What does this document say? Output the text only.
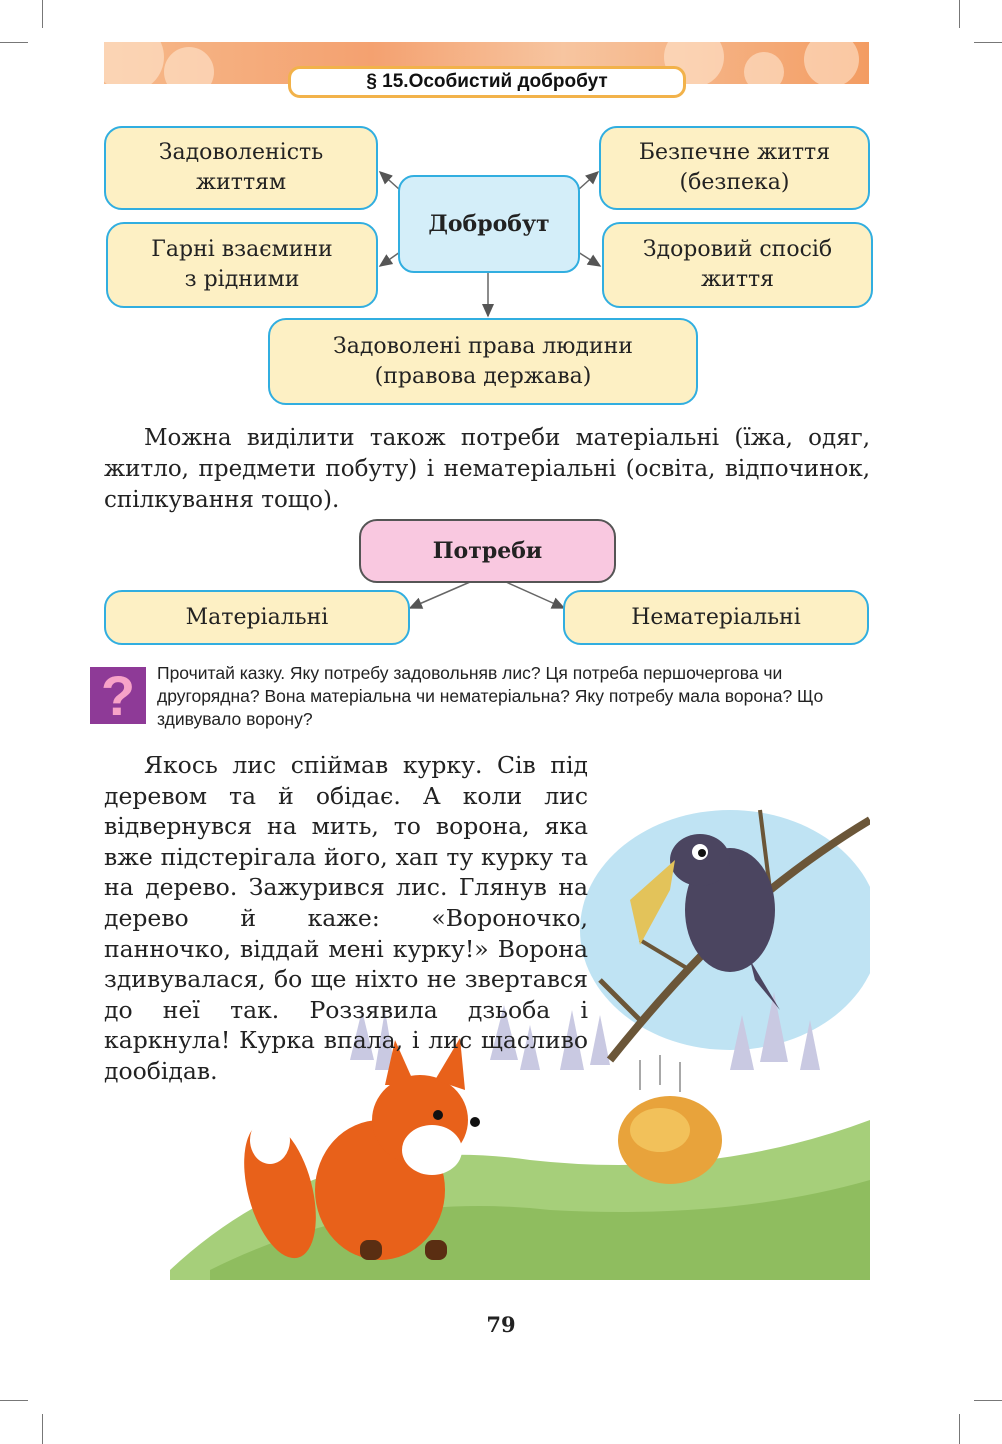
§ 15.Особистий добробут
Задоволеність
життям
Безпечне життя
(безпека)
Гарні взаємини
з рідними
Здоровий спосіб
життя
Добробут
Задоволені права людини
(правова держава)
Можна виділити також потреби матеріальні (їжа, одяг, житло, предмети побуту) і нематеріальні (освіта, відпочинок, спілкування тощо).
Потреби
Матеріальні	Нематеріальні
?	Прочитай казку. Яку потребу задовольняв лис? Ця потреба першочергова чи другорядна? Вона матеріальна чи нематеріальна? Яку потребу мала ворона? Що здивувало ворону?
Якось лис спіймав курку. Сів під деревом та й обідає. А коли лис відвернувся на мить, то ворона, яка вже підстерігала його, хап ту курку та на дерево. Зажурився лис. Глянув на дерево й каже: «Вороночко, панночко, віддай мені курку!» Ворона здивувалася, бо ще ніхто не звертався до неї так. Роззявила дзьоба і каркнула! Курка впала, і лис щасливо дообідав.
79
